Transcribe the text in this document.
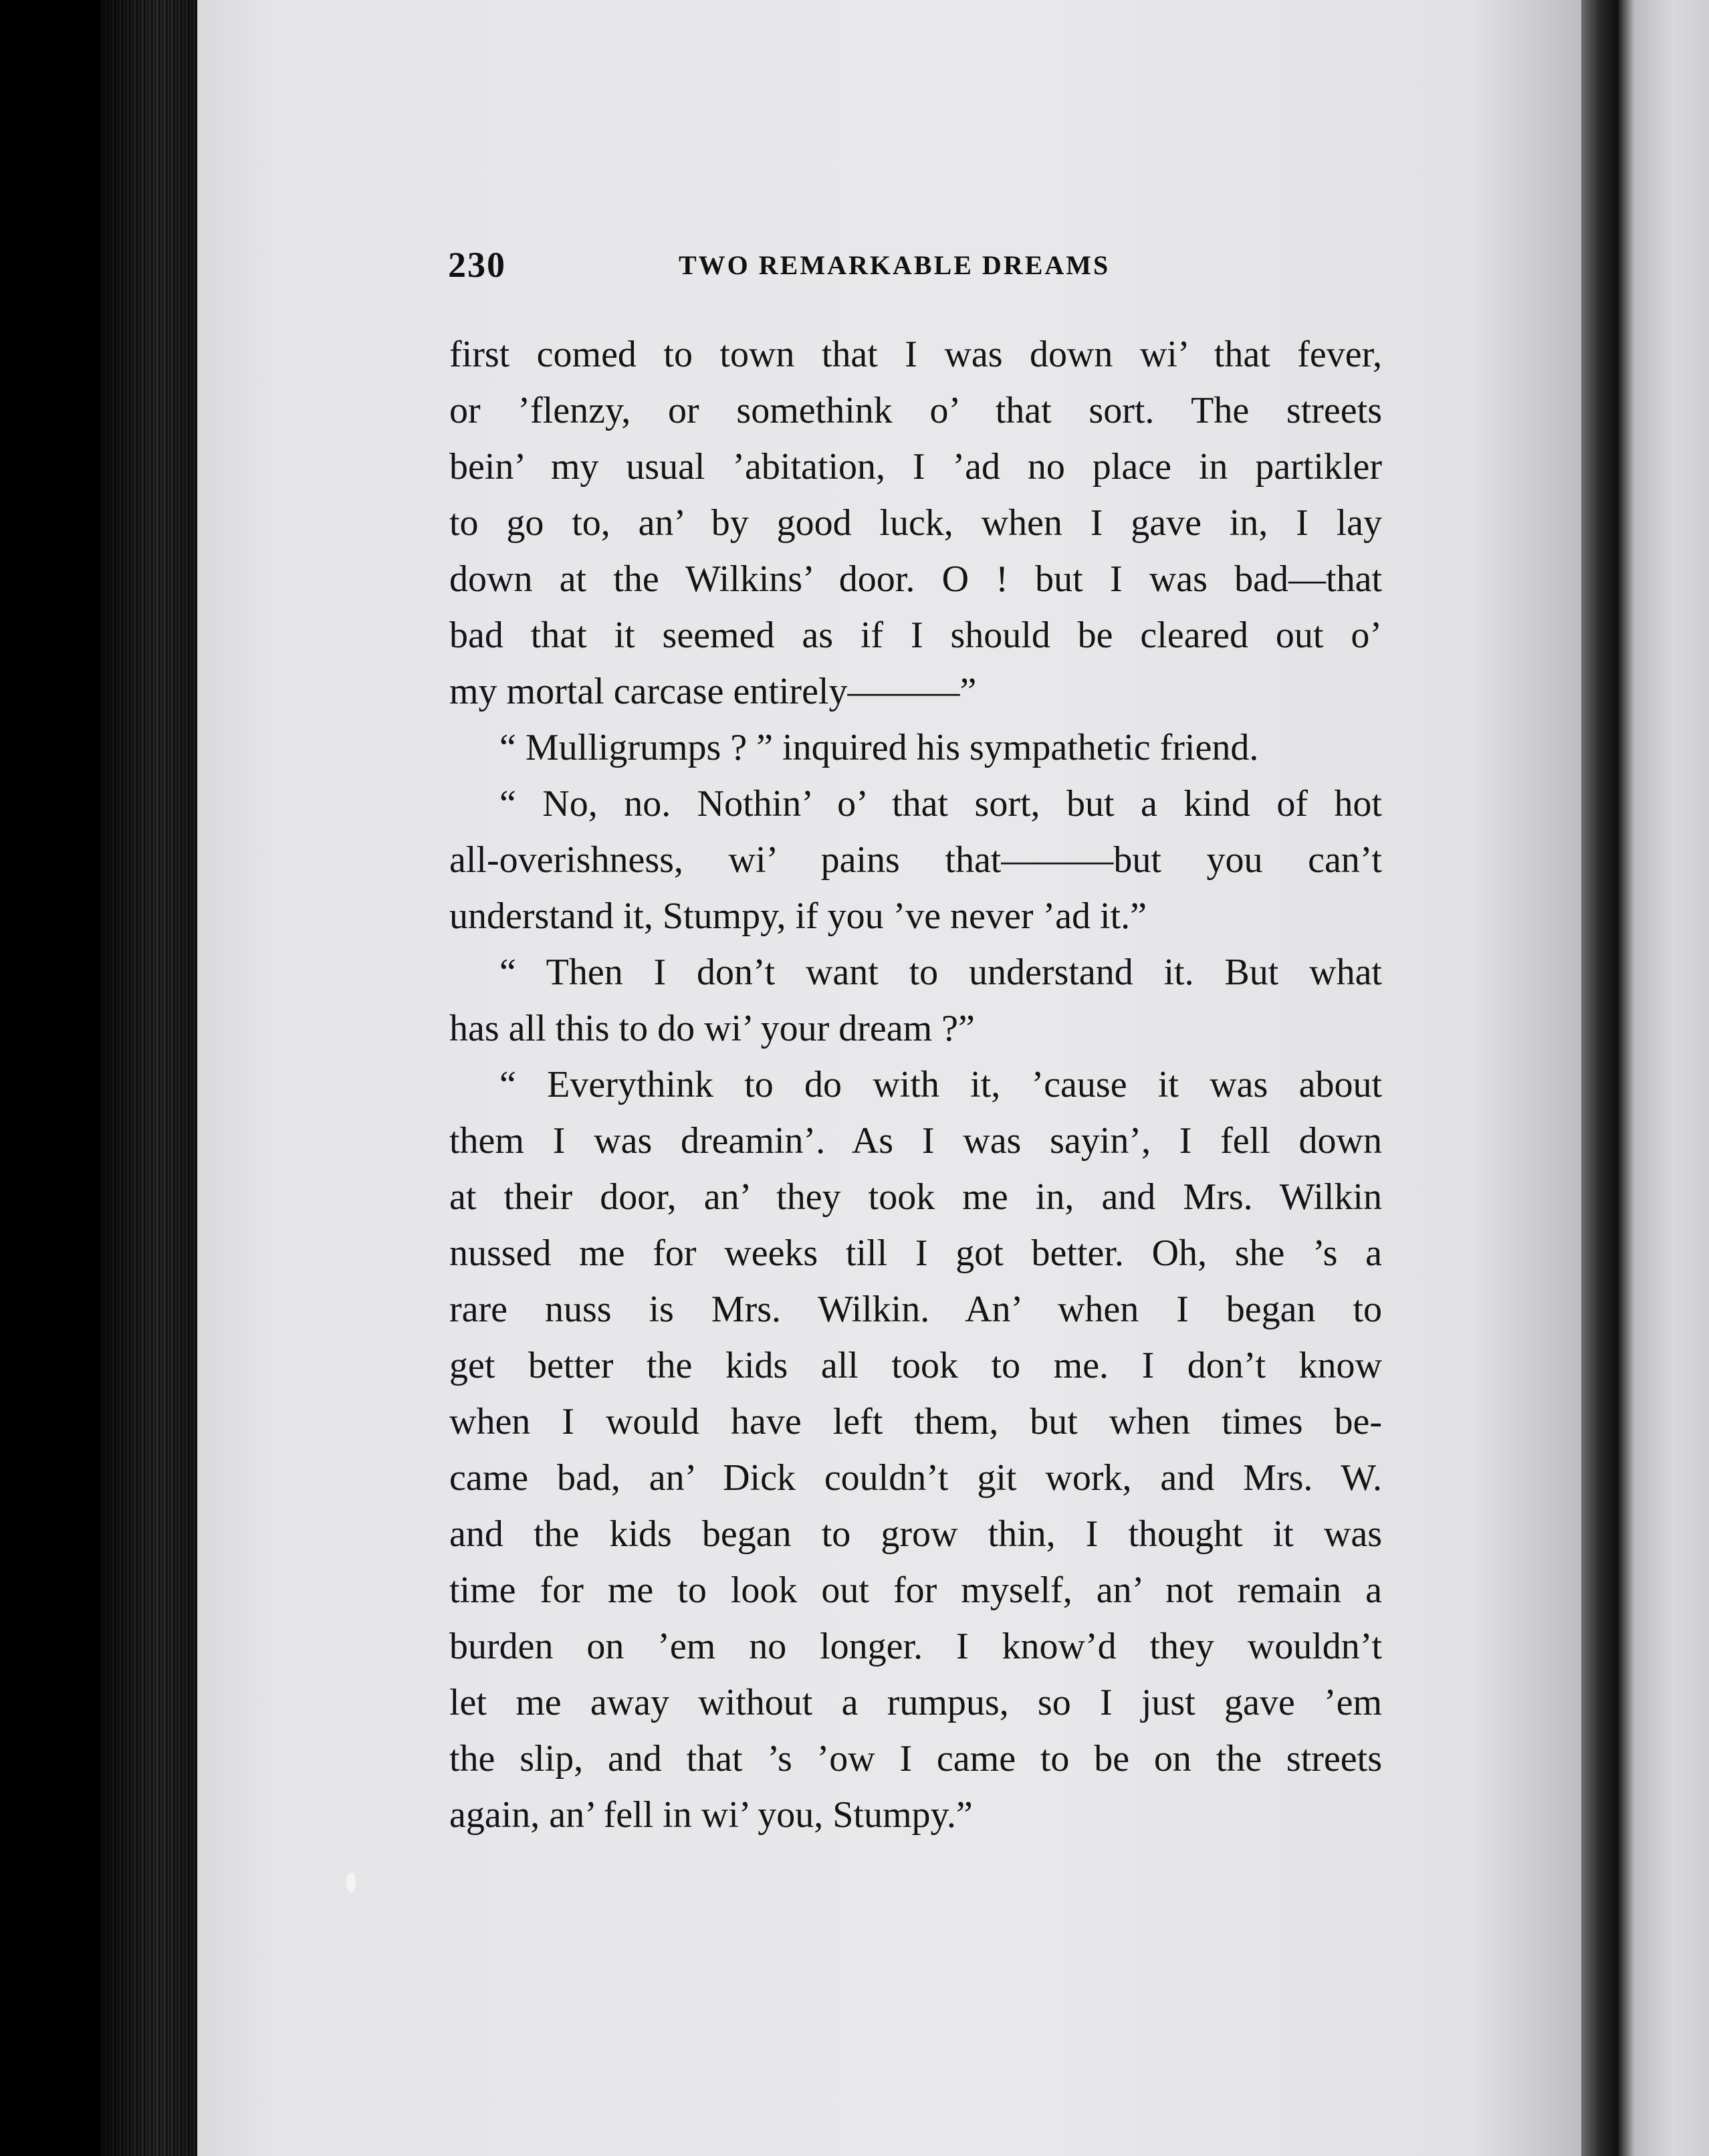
230	TWO REMARKABLE DREAMS
first comed to town that I was down wi’ that fever,
or ’flenzy, or somethink o’ that sort. The streets
bein’ my usual ’abitation, I ’ad no place in partikler
to go to, an’ by good luck, when I gave in, I lay
down at the Wilkins’ door. O ! but I was bad—that
bad that it seemed as if I should be cleared out o’
my mortal carcase entirely———”
“ Mulligrumps ? ” inquired his sympathetic friend.
“ No, no. Nothin’ o’ that sort, but a kind of hot
all-overishness, wi’ pains that———but you can’t
understand it, Stumpy, if you ’ve never ’ad it.”
“ Then I don’t want to understand it. But what
has all this to do wi’ your dream ?”
“ Everythink to do with it, ’cause it was about
them I was dreamin’. As I was sayin’, I fell down
at their door, an’ they took me in, and Mrs. Wilkin
nussed me for weeks till I got better. Oh, she ’s a
rare nuss is Mrs. Wilkin. An’ when I began to
get better the kids all took to me. I don’t know
when I would have left them, but when times be-
came bad, an’ Dick couldn’t git work, and Mrs. W.
and the kids began to grow thin, I thought it was
time for me to look out for myself, an’ not remain a
burden on ’em no longer. I know’d they wouldn’t
let me away without a rumpus, so I just gave ’em
the slip, and that ’s ’ow I came to be on the streets
again, an’ fell in wi’ you, Stumpy.”
